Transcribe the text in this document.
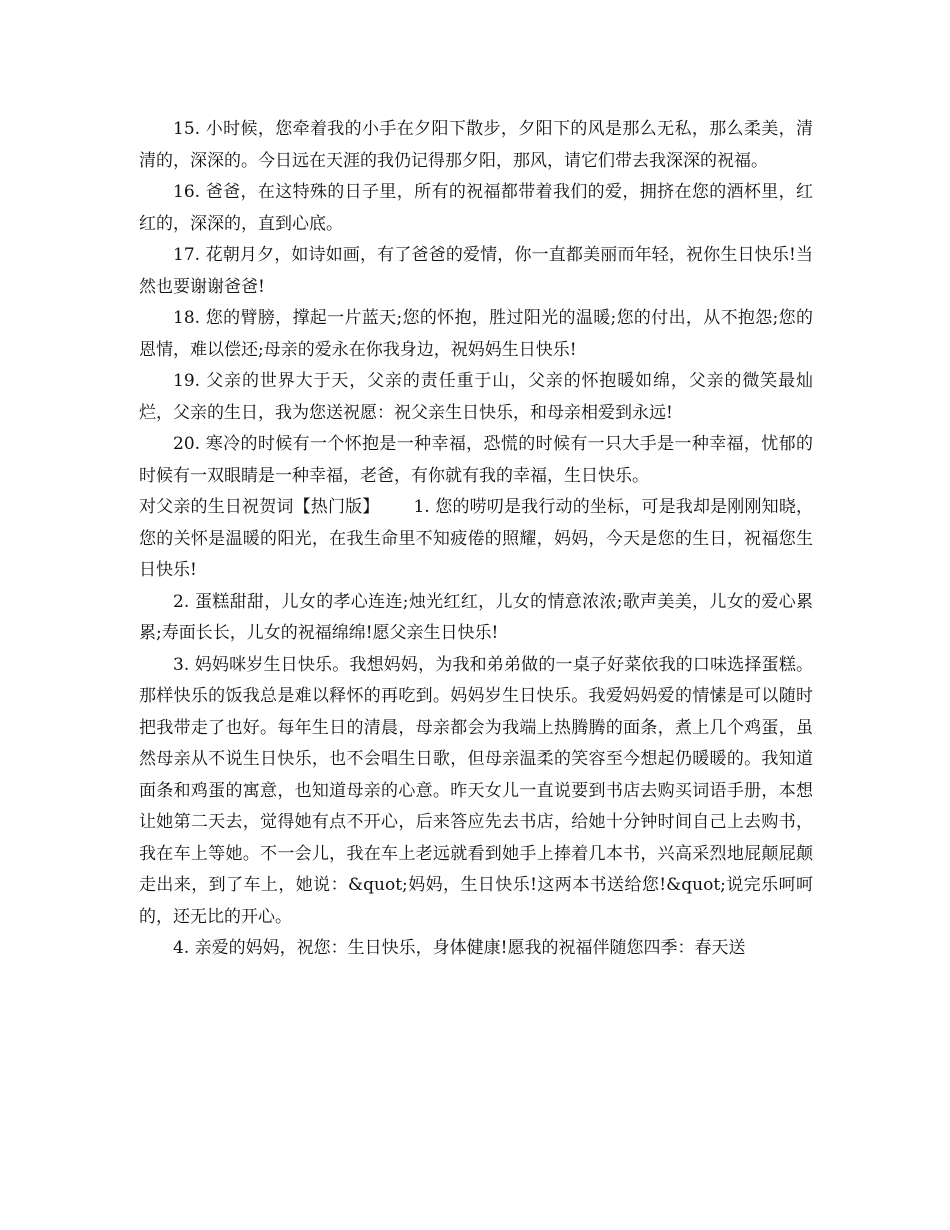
15. 小时候，您牵着我的小手在夕阳下散步，夕阳下的风是那么无私，那么柔美，清清的，深深的。今日远在天涯的我仍记得那夕阳，那风，请它们带去我深深的祝福。

16. 爸爸，在这特殊的日子里，所有的祝福都带着我们的爱，拥挤在您的酒杯里，红红的，深深的，直到心底。

17. 花朝月夕，如诗如画，有了爸爸的爱情，你一直都美丽而年轻，祝你生日快乐!当然也要谢谢爸爸!

18. 您的臂膀，撑起一片蓝天;您的怀抱，胜过阳光的温暖;您的付出，从不抱怨;您的恩情，难以偿还;母亲的爱永在你我身边，祝妈妈生日快乐!

19. 父亲的世界大于天，父亲的责任重于山，父亲的怀抱暖如绵，父亲的微笑最灿烂，父亲的生日，我为您送祝愿：祝父亲生日快乐，和母亲相爱到永远!

20. 寒冷的时候有一个怀抱是一种幸福，恐慌的时候有一只大手是一种幸福，忧郁的时候有一双眼睛是一种幸福，老爸，有你就有我的幸福，生日快乐。

对父亲的生日祝贺词【热门版】   1. 您的唠叨是我行动的坐标，可是我却是刚刚知晓，您的关怀是温暖的阳光，在我生命里不知疲倦的照耀，妈妈，今天是您的生日，祝福您生日快乐!

2. 蛋糕甜甜，儿女的孝心连连;烛光红红，儿女的情意浓浓;歌声美美，儿女的爱心累累;寿面长长，儿女的祝福绵绵!愿父亲生日快乐!

3. 妈妈咪岁生日快乐。我想妈妈，为我和弟弟做的一桌子好菜依我的口味选择蛋糕。那样快乐的饭我总是难以释怀的再吃到。妈妈岁生日快乐。我爱妈妈爱的情愫是可以随时把我带走了也好。每年生日的清晨，母亲都会为我端上热腾腾的面条，煮上几个鸡蛋，虽然母亲从不说生日快乐，也不会唱生日歌，但母亲温柔的笑容至今想起仍暖暖的。我知道面条和鸡蛋的寓意，也知道母亲的心意。昨天女儿一直说要到书店去购买词语手册，本想让她第二天去，觉得她有点不开心，后来答应先去书店，给她十分钟时间自己上去购书，我在车上等她。不一会儿，我在车上老远就看到她手上捧着几本书，兴高采烈地屁颠屁颠走出来，到了车上，她说：&quot;妈妈，生日快乐!这两本书送给您!&quot;说完乐呵呵的，还无比的开心。

4. 亲爱的妈妈，祝您：生日快乐，身体健康!愿我的祝福伴随您四季：春天送
